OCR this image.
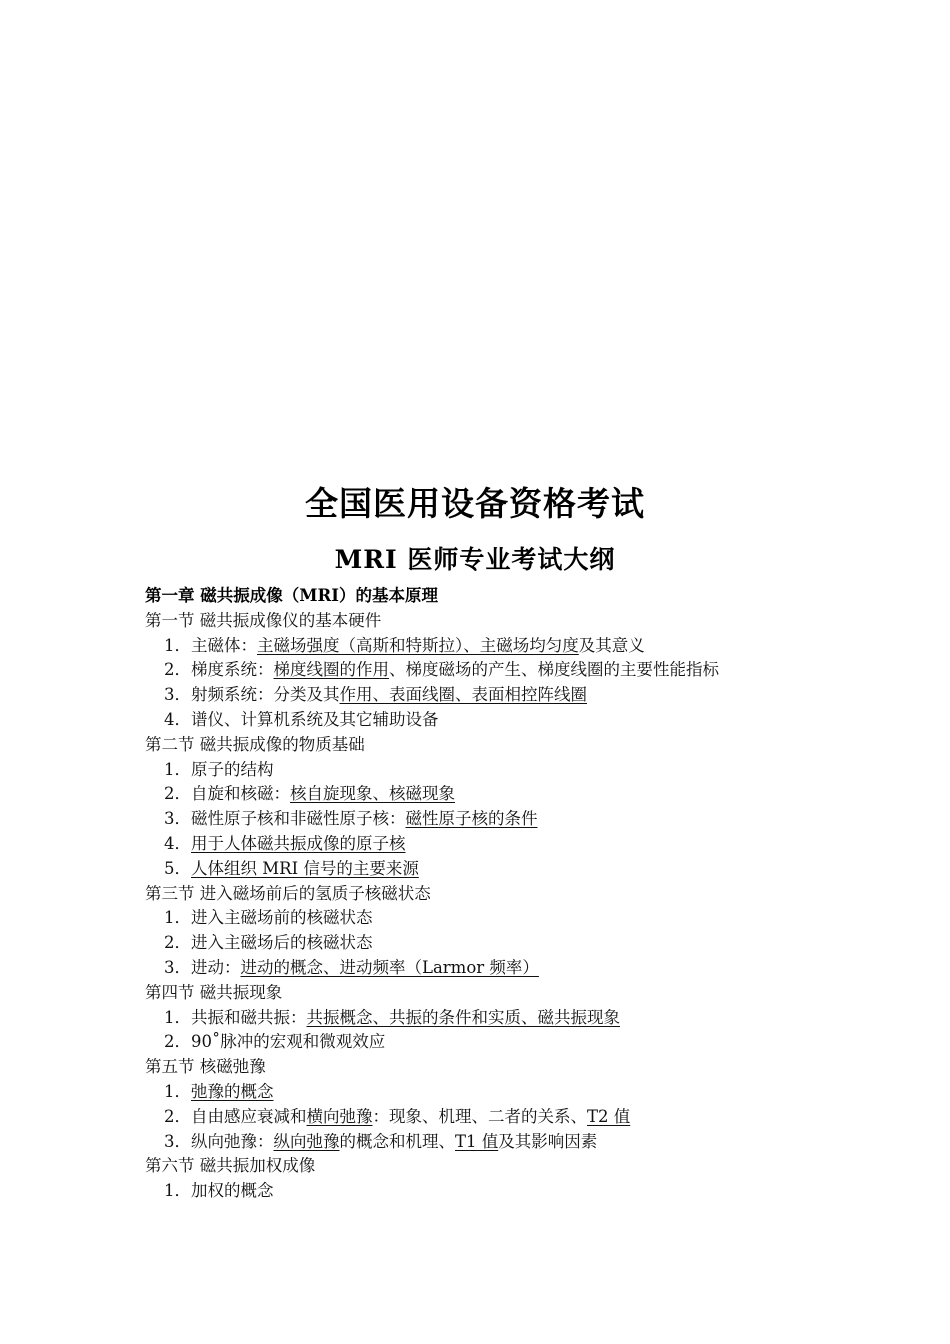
全国医用设备资格考试
MRI 医师专业考试大纲
第一章 磁共振成像（MRI）的基本原理
第一节 磁共振成像仪的基本硬件
1．主磁体：主磁场强度（高斯和特斯拉）、主磁场均匀度及其意义
2．梯度系统：梯度线圈的作用、梯度磁场的产生、梯度线圈的主要性能指标
3．射频系统：分类及其作用、表面线圈、表面相控阵线圈
4．谱仪、计算机系统及其它辅助设备
第二节 磁共振成像的物质基础
1．原子的结构
2．自旋和核磁：核自旋现象、核磁现象
3．磁性原子核和非磁性原子核：磁性原子核的条件
4．用于人体磁共振成像的原子核
5．人体组织 MRI 信号的主要来源
第三节 进入磁场前后的氢质子核磁状态
1．进入主磁场前的核磁状态
2．进入主磁场后的核磁状态
3．进动：进动的概念、进动频率（Larmor 频率）
第四节 磁共振现象
1．共振和磁共振：共振概念、共振的条件和实质、磁共振现象
2．90˚脉冲的宏观和微观效应
第五节 核磁弛豫
1．弛豫的概念
2．自由感应衰减和横向弛豫：现象、机理、二者的关系、T2 值
3．纵向弛豫：纵向弛豫的概念和机理、T1 值及其影响因素
第六节 磁共振加权成像
1．加权的概念
